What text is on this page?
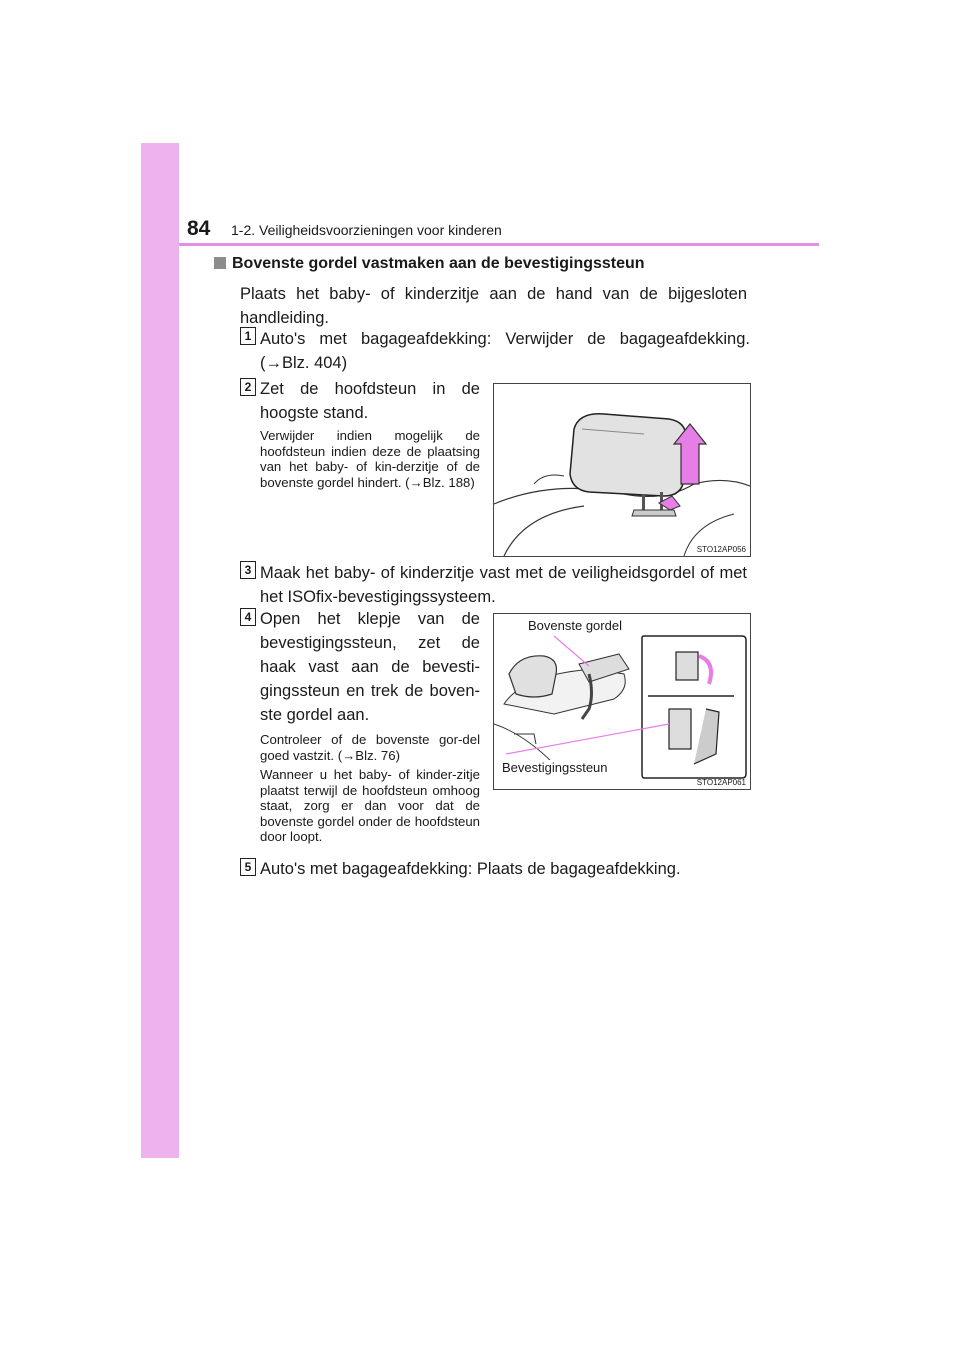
84 1-2. Veiligheidsvoorzieningen voor kinderen
Bovenste gordel vastmaken aan de bevestigingssteun
Plaats het baby- of kinderzitje aan de hand van de bijgesloten handleiding.
1 Auto's met bagageafdekking: Verwijder de bagageafdekking. (→Blz. 404)
2 Zet de hoofdsteun in de hoogste stand.
Verwijder indien mogelijk de hoofdsteun indien deze de plaatsing van het baby- of kin-derzitje of de bovenste gordel hindert. (→Blz. 188)
STO12AP056
3 Maak het baby- of kinderzitje vast met de veiligheidsgordel of met het ISOfix-bevestigingssysteem.
4 Open het klepje van de bevestigingssteun, zet de haak vast aan de bevesti-gingssteun en trek de boven-ste gordel aan.
Controleer of de bovenste gor-del goed vastzit. (→Blz. 76)
Wanneer u het baby- of kinder-zitje plaatst terwijl de hoofdsteun omhoog staat, zorg er dan voor dat de bovenste gordel onder de hoofdsteun door loopt.
Bovenste gordel
Bevestigingssteun
STO12AP061
5 Auto's met bagageafdekking: Plaats de bagageafdekking.
